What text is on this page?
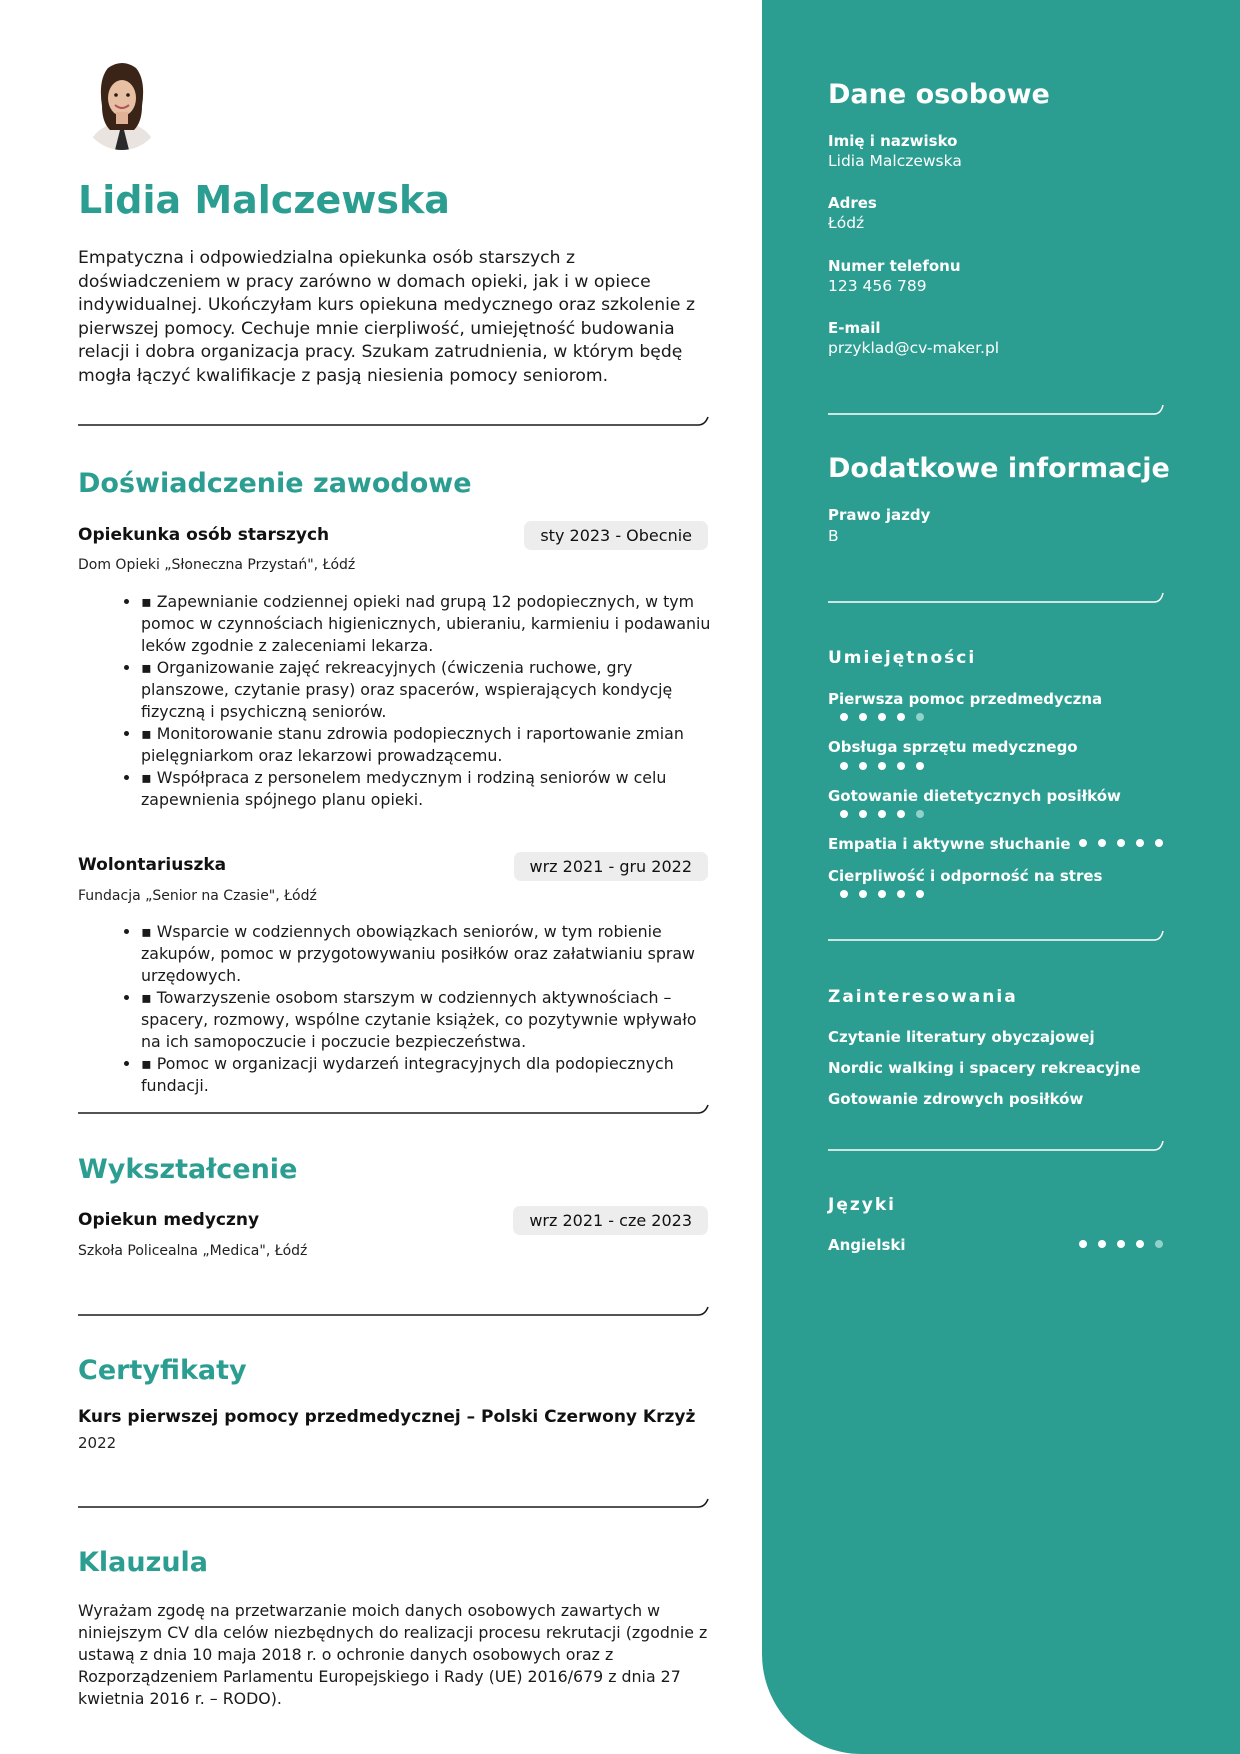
Lidia Malczewska

Empatyczna i odpowiedzialna opiekunka osób starszych z doświadczeniem w pracy zarówno w domach opieki, jak i w opiece indywidualnej. Ukończyłam kurs opiekuna medycznego oraz szkolenie z pierwszej pomocy. Cechuje mnie cierpliwość, umiejętność budowania relacji i dobra organizacja pracy. Szukam zatrudnienia, w którym będę mogła łączyć kwalifikacje z pasją niesienia pomocy seniorom.

Doświadczenie zawodowe

Opiekunka osób starszych	sty 2023 - Obecnie

Dom Opieki „Słoneczna Przystań", Łódź

• ▪ Zapewnianie codziennej opieki nad grupą 12 podopiecznych, w tym pomoc w czynnościach higienicznych, ubieraniu, karmieniu i podawaniu leków zgodnie z zaleceniami lekarza.
• ▪ Organizowanie zajęć rekreacyjnych (ćwiczenia ruchowe, gry planszowe, czytanie prasy) oraz spacerów, wspierających kondycję fizyczną i psychiczną seniorów.
• ▪ Monitorowanie stanu zdrowia podopiecznych i raportowanie zmian pielęgniarkom oraz lekarzowi prowadzącemu.
• ▪ Współpraca z personelem medycznym i rodziną seniorów w celu zapewnienia spójnego planu opieki.

Wolontariuszka	wrz 2021 - gru 2022

Fundacja „Senior na Czasie", Łódź

• ▪ Wsparcie w codziennych obowiązkach seniorów, w tym robienie zakupów, pomoc w przygotowywaniu posiłków oraz załatwianiu spraw urzędowych.
• ▪ Towarzyszenie osobom starszym w codziennych aktywnościach – spacery, rozmowy, wspólne czytanie książek, co pozytywnie wpływało na ich samopoczucie i poczucie bezpieczeństwa.
• ▪ Pomoc w organizacji wydarzeń integracyjnych dla podopiecznych fundacji.
Wykształcenie

Opiekun medyczny	wrz 2021 - cze 2023

Szkoła Policealna „Medica", Łódź

Certyfikaty

Kurs pierwszej pomocy przedmedycznej – Polski Czerwony Krzyż

2022

Klauzula

Wyrażam zgodę na przetwarzanie moich danych osobowych zawartych w niniejszym CV dla celów niezbędnych do realizacji procesu rekrutacji (zgodnie z ustawą z dnia 10 maja 2018 r. o ochronie danych osobowych oraz z Rozporządzeniem Parlamentu Europejskiego i Rady (UE) 2016/679 z dnia 27 kwietnia 2016 r. – RODO).

Dane osobowe

Imię i nazwisko

Lidia Malczewska

Adres

Łódź

Numer telefonu

123 456 789

E-mail

przyklad@cv-maker.pl

Dodatkowe informacje

Prawo jazdy

B

Umiejętności

Pierwsza pomoc przedmedyczna

Obsługa sprzętu medycznego

Gotowanie dietetycznych posiłków

Empatia i aktywne słuchanie

Cierpliwość i odporność na stres

Zainteresowania

Czytanie literatury obyczajowej

Nordic walking i spacery rekreacyjne

Gotowanie zdrowych posiłków

Języki

Angielski
